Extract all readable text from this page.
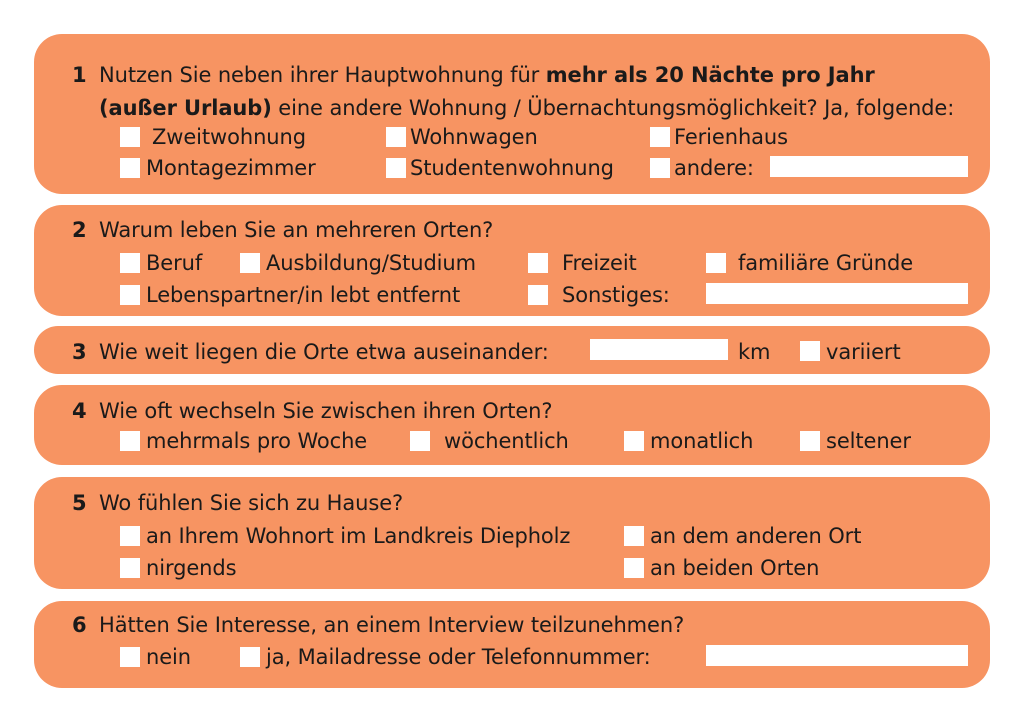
1 Nutzen Sie neben ihrer Hauptwohnung für mehr als 20 Nächte pro Jahr
(außer Urlaub) eine andere Wohnung / Übernachtungsmöglichkeit? Ja, folgende:
Zweitwohnung	Wohnwagen	Ferienhaus
Montagezimmer	Studentenwohnung	andere:
2 Warum leben Sie an mehreren Orten?
Beruf	Ausbildung/Studium	Freizeit	familiäre Gründe
Lebenspartner/in lebt entfernt	Sonstiges:
3 Wie weit liegen die Orte etwa auseinander:	km	variiert
4 Wie oft wechseln Sie zwischen ihren Orten?
mehrmals pro Woche	wöchentlich	monatlich	seltener
5 Wo fühlen Sie sich zu Hause?
an Ihrem Wohnort im Landkreis Diepholz	an dem anderen Ort
nirgends	an beiden Orten
6 Hätten Sie Interesse, an einem Interview teilzunehmen?
nein	ja, Mailadresse oder Telefonnummer:
